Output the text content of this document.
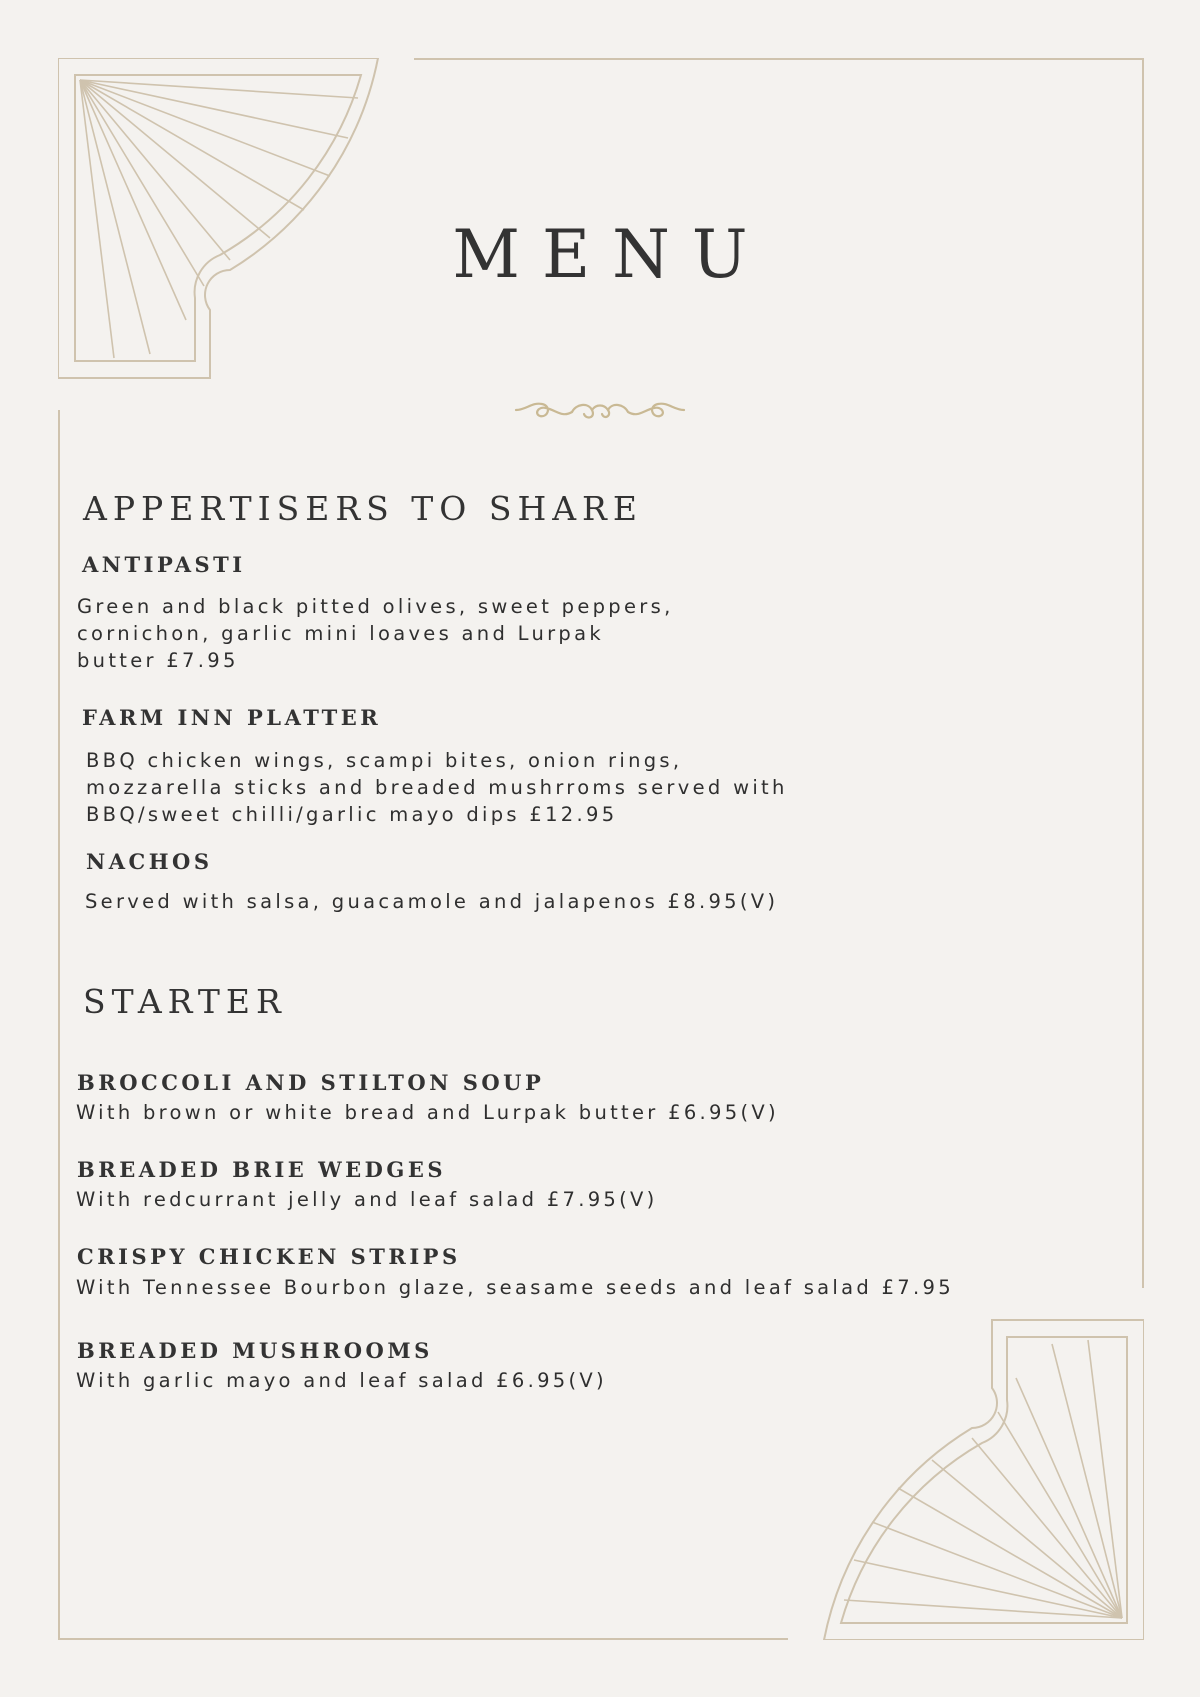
MENU
APPERTISERS TO SHARE
ANTIPASTI
Green and black pitted olives, sweet peppers,
cornichon, garlic mini loaves and Lurpak
butter £7.95
FARM INN PLATTER
BBQ chicken wings, scampi bites, onion rings,
mozzarella sticks and breaded mushrroms served with
BBQ/sweet chilli/garlic mayo dips £12.95
NACHOS
Served with salsa, guacamole and jalapenos £8.95(V)
STARTER
BROCCOLI AND STILTON SOUP
With brown or white bread and Lurpak butter £6.95(V)
BREADED BRIE WEDGES
With redcurrant jelly and leaf salad £7.95(V)
CRISPY CHICKEN STRIPS
With Tennessee Bourbon glaze, seasame seeds and leaf salad £7.95
BREADED MUSHROOMS
With garlic mayo and leaf salad £6.95(V)
